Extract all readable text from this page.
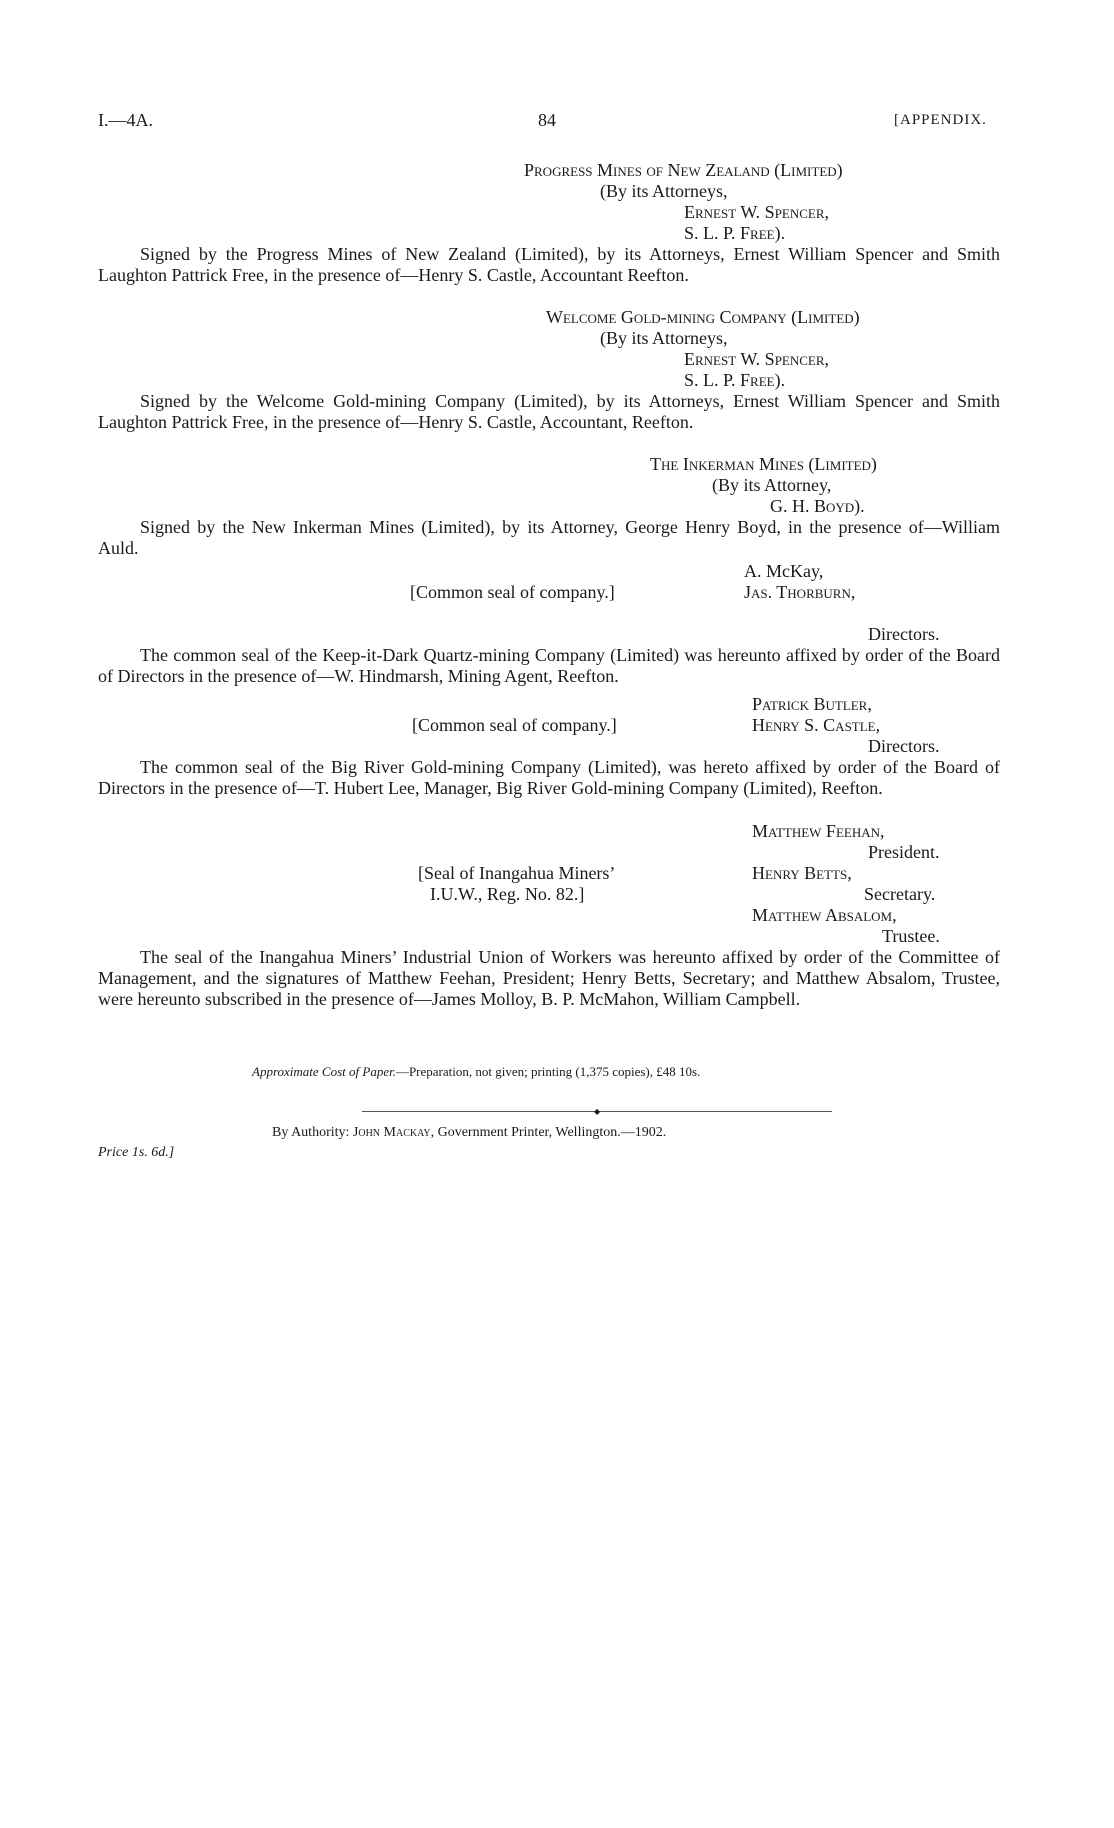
I.—4A.	84	[APPENDIX.
Progress Mines of New Zealand (Limited)
(By its Attorneys,
Ernest W. Spencer,
S. L. P. Free).
Signed by the Progress Mines of New Zealand (Limited), by its Attorneys, Ernest William Spencer and Smith Laughton Pattrick Free, in the presence of—Henry S. Castle, Accountant Reefton.
Welcome Gold-mining Company (Limited)
(By its Attorneys,
Ernest W. Spencer,
S. L. P. Free).
Signed by the Welcome Gold-mining Company (Limited), by its Attorneys, Ernest William Spencer and Smith Laughton Pattrick Free, in the presence of—Henry S. Castle, Accountant, Reefton.
The Inkerman Mines (Limited)
(By its Attorney,
G. H. Boyd).
Signed by the New Inkerman Mines (Limited), by its Attorney, George Henry Boyd, in the presence of—William Auld.
A. McKay,
[Common seal of company.]	Jas. Thorburn,
Directors.
The common seal of the Keep-it-Dark Quartz-mining Company (Limited) was hereunto affixed by order of the Board of Directors in the presence of—W. Hindmarsh, Mining Agent, Reefton.
Patrick Butler,
[Common seal of company.]	Henry S. Castle,
Directors.
The common seal of the Big River Gold-mining Company (Limited), was hereto affixed by order of the Board of Directors in the presence of—T. Hubert Lee, Manager, Big River Gold-mining Company (Limited), Reefton.
Matthew Feehan,
President.
[Seal of Inangahua Miners’	Henry Betts,
I.U.W., Reg. No. 82.]	Secretary.
Matthew Absalom,
Trustee.
The seal of the Inangahua Miners’ Industrial Union of Workers was hereunto affixed by order of the Committee of Management, and the signatures of Matthew Feehan, President; Henry Betts, Secretary; and Matthew Absalom, Trustee, were hereunto subscribed in the presence of—James Molloy, B. P. McMahon, William Campbell.
Approximate Cost of Paper.—Preparation, not given; printing (1,375 copies), £48 10s.
◆
By Authority: John Mackay, Government Printer, Wellington.—1902.
Price 1s. 6d.]
